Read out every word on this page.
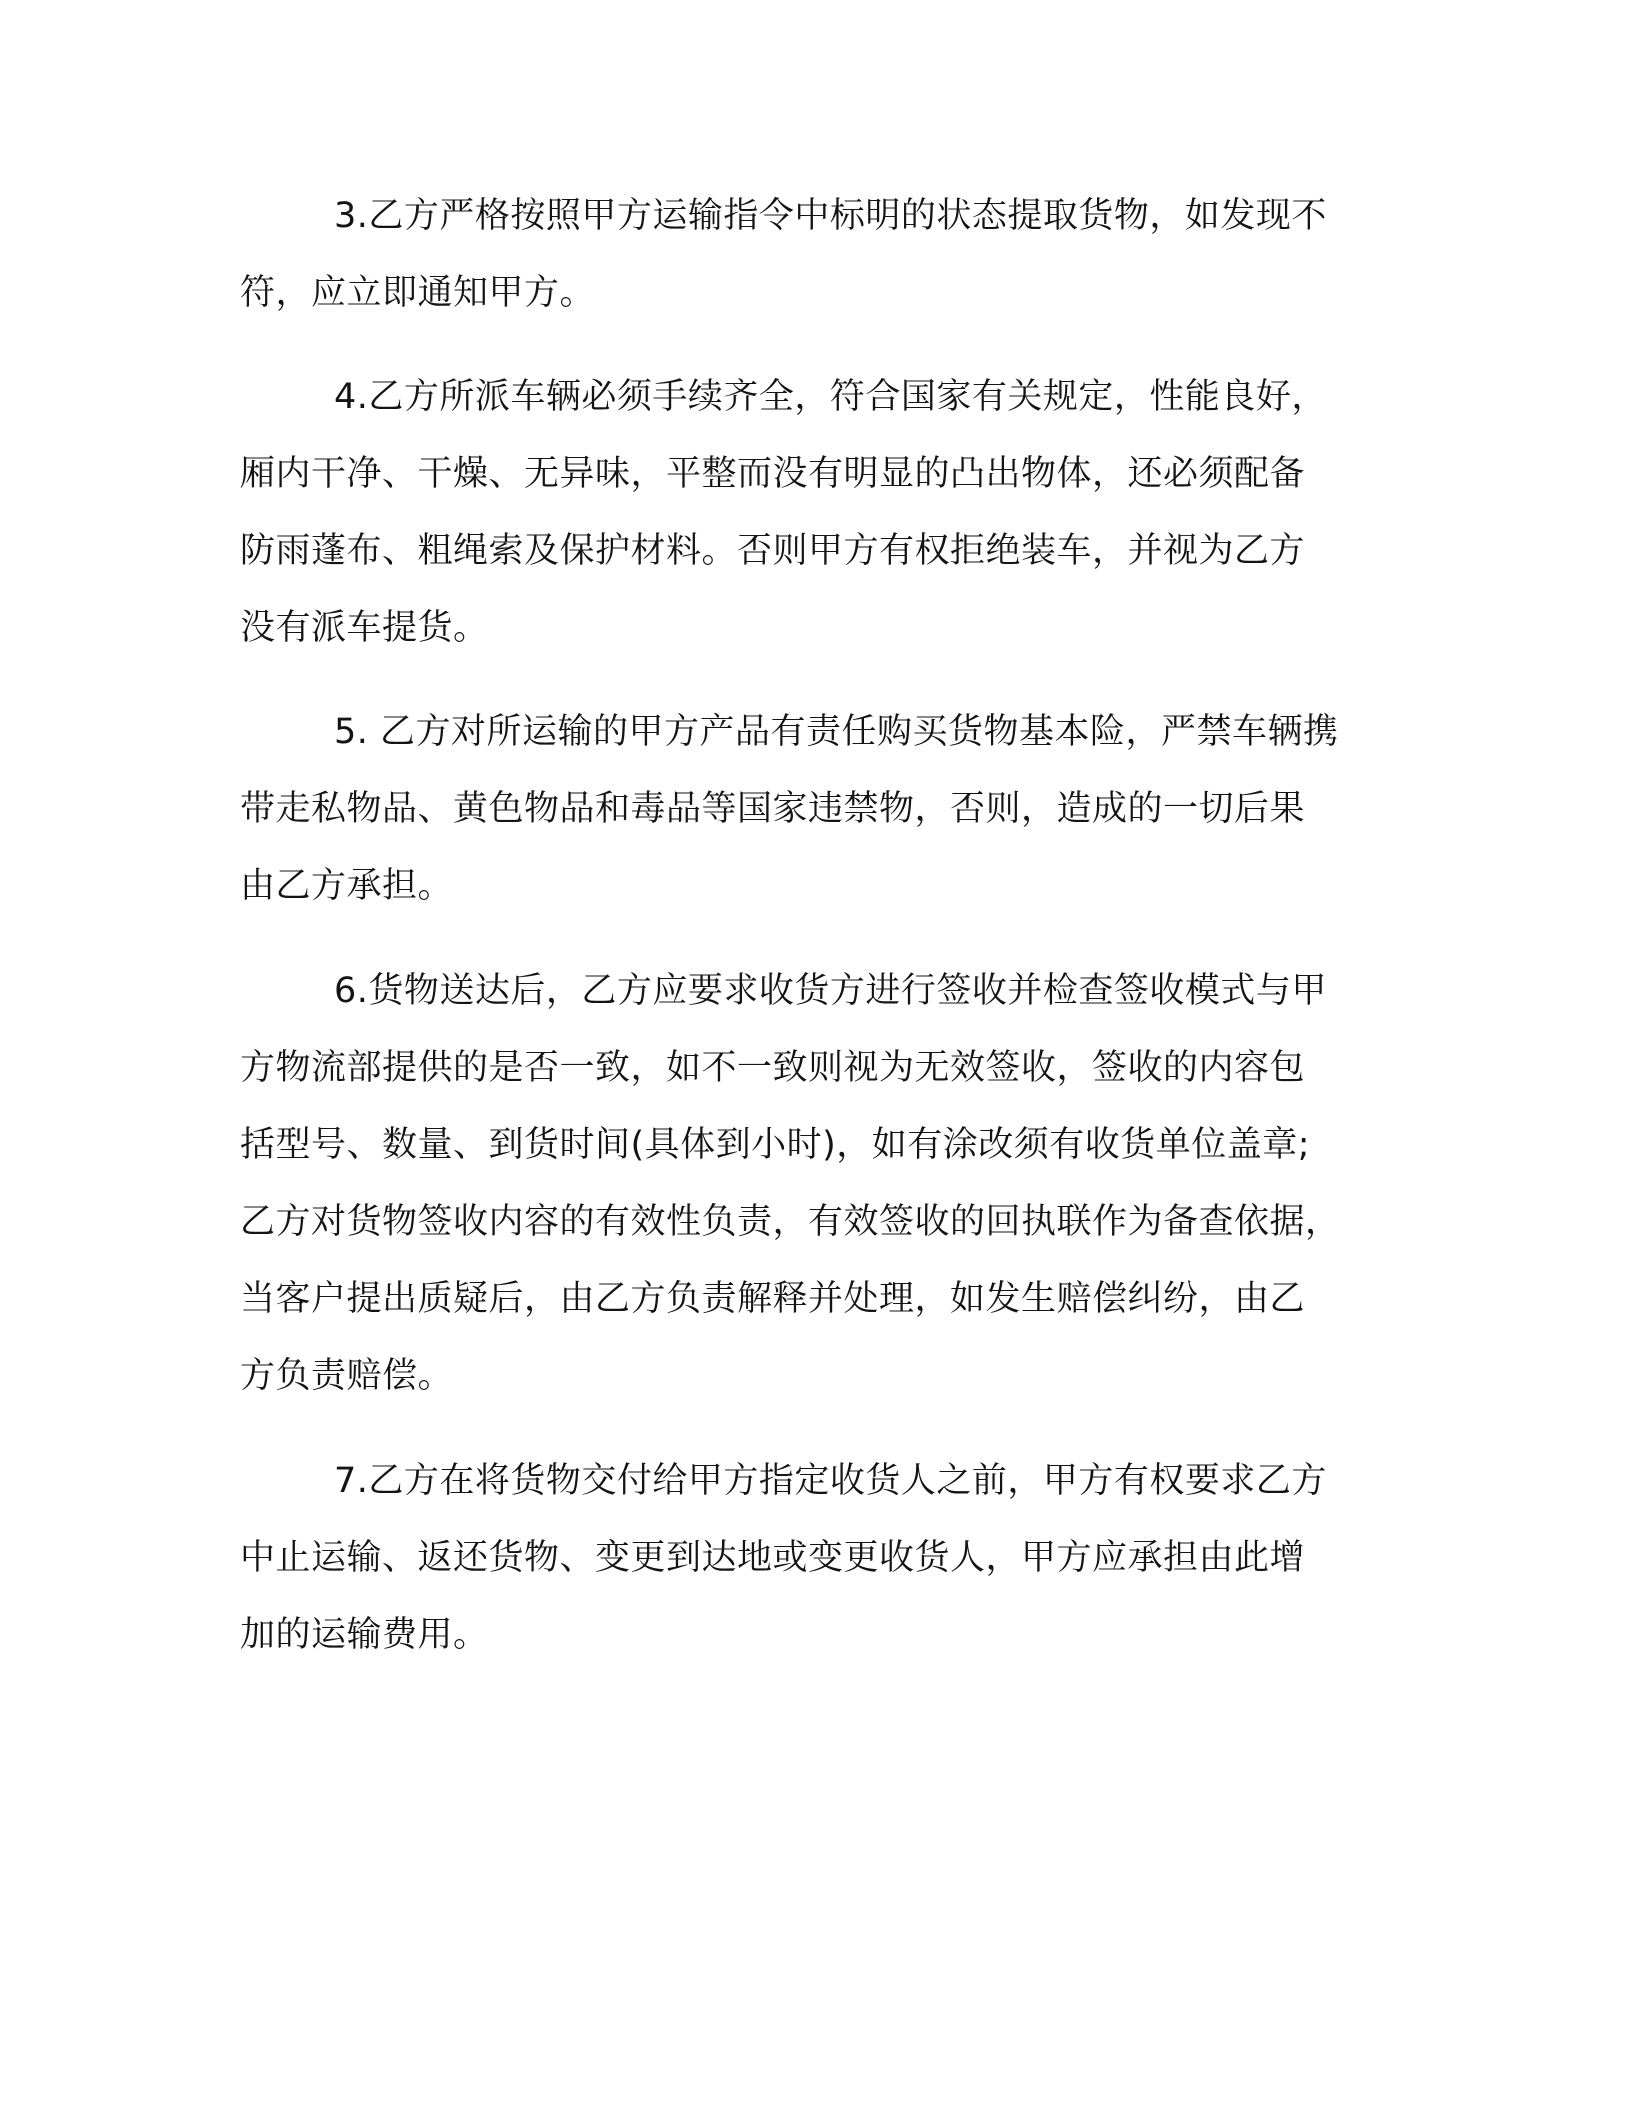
3.乙方严格按照甲方运输指令中标明的状态提取货物，如发现不
符，应立即通知甲方。
4.乙方所派车辆必须手续齐全，符合国家有关规定，性能良好，
厢内干净、干燥、无异味，平整而没有明显的凸出物体，还必须配备
防雨蓬布、粗绳索及保护材料。否则甲方有权拒绝装车，并视为乙方
没有派车提货。
5. 乙方对所运输的甲方产品有责任购买货物基本险，严禁车辆携
带走私物品、黄色物品和毒品等国家违禁物，否则，造成的一切后果
由乙方承担。
6.货物送达后，乙方应要求收货方进行签收并检查签收模式与甲
方物流部提供的是否一致，如不一致则视为无效签收，签收的内容包
括型号、数量、到货时间(具体到小时)，如有涂改须有收货单位盖章;
乙方对货物签收内容的有效性负责，有效签收的回执联作为备查依据，
当客户提出质疑后，由乙方负责解释并处理，如发生赔偿纠纷，由乙
方负责赔偿。
7.乙方在将货物交付给甲方指定收货人之前，甲方有权要求乙方
中止运输、返还货物、变更到达地或变更收货人，甲方应承担由此增
加的运输费用。
